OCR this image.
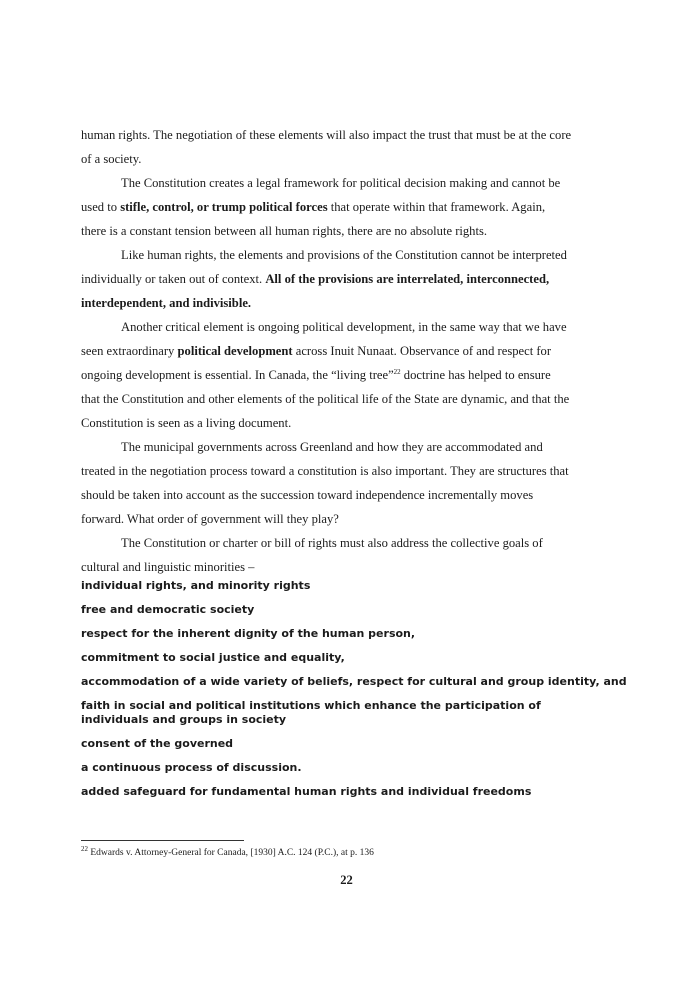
human rights. The negotiation of these elements will also impact the trust that must be at the core
of a society.
The Constitution creates a legal framework for political decision making and cannot be
used to stifle, control, or trump political forces that operate within that framework. Again,
there is a constant tension between all human rights, there are no absolute rights.
Like human rights, the elements and provisions of the Constitution cannot be interpreted
individually or taken out of context. All of the provisions are interrelated, interconnected,
interdependent, and indivisible.
Another critical element is ongoing political development, in the same way that we have
seen extraordinary political development across Inuit Nunaat. Observance of and respect for
ongoing development is essential. In Canada, the “living tree”$^{22}$ doctrine has helped to ensure
that the Constitution and other elements of the political life of the State are dynamic, and that the
Constitution is seen as a living document.
The municipal governments across Greenland and how they are accommodated and
treated in the negotiation process toward a constitution is also important. They are structures that
should be taken into account as the succession toward independence incrementally moves
forward. What order of government will they play?
The Constitution or charter or bill of rights must also address the collective goals of
cultural and linguistic minorities –
individual rights, and minority rights
free and democratic society
respect for the inherent dignity of the human person,
commitment to social justice and equality,
accommodation of a wide variety of beliefs, respect for cultural and group identity, and
faith in social and political institutions which enhance the participation of individuals and groups in society
consent of the governed
a continuous process of discussion.
added safeguard for fundamental human rights and individual freedoms
$^{22}$ Edwards v. Attorney-General for Canada, [1930] A.C. 124 (P.C.), at p. 136
22
